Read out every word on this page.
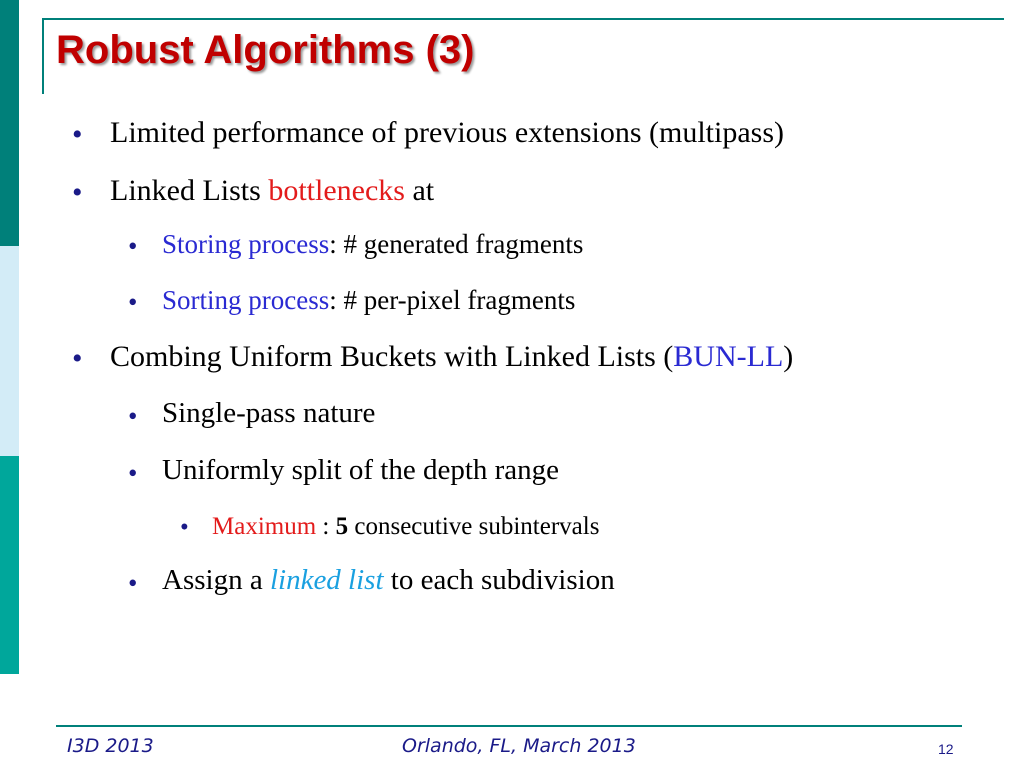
Robust Algorithms (3)
• Limited performance of previous extensions (multipass)
• Linked Lists bottlenecks at
• Storing process: # generated fragments
• Sorting process: # per-pixel fragments
• Combing Uniform Buckets with Linked Lists (BUN-LL)
• Single-pass nature
• Uniformly split of the depth range
• Maximum : 5 consecutive subintervals
• Assign a linked list to each subdivision
I3D 2013	Orlando, FL, March 2013	12
